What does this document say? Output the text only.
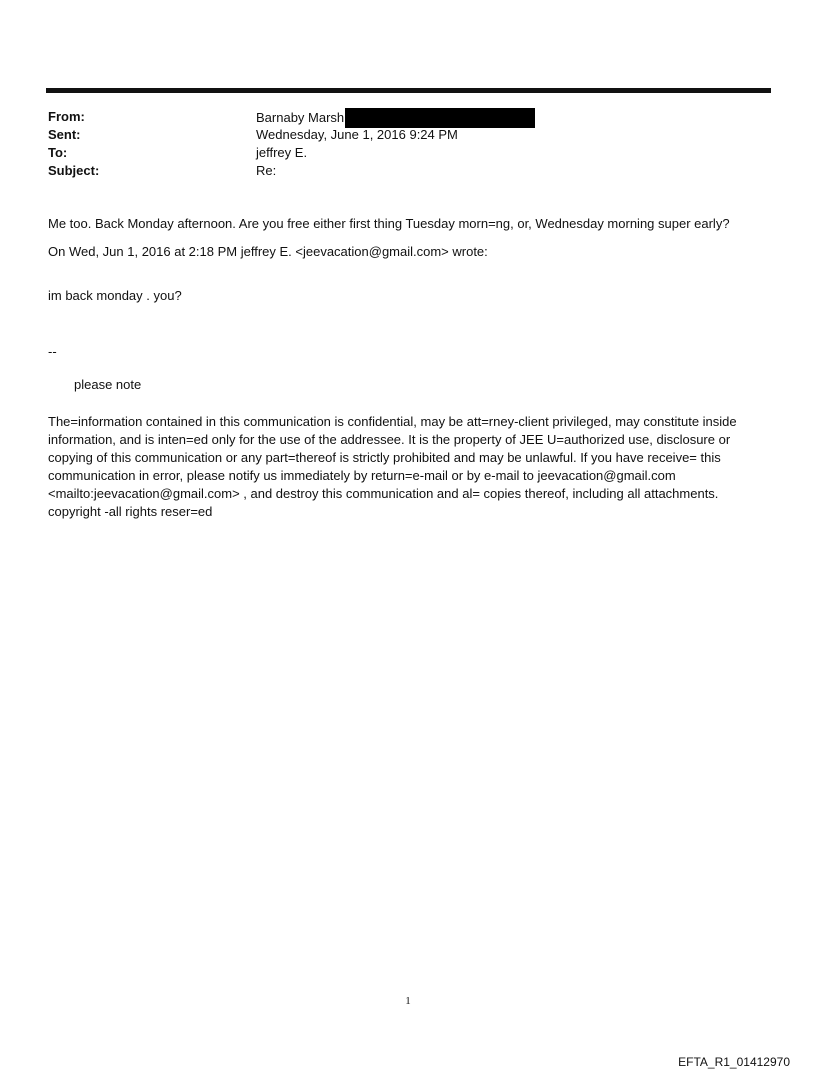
From:	Barnaby Marsh
Sent:	Wednesday, June 1, 2016 9:24 PM
To:	jeffrey E.
Subject:	Re:

Me too. Back Monday afternoon. Are you free either first thing Tuesday morn=ng, or, Wednesday morning super early?

On Wed, Jun 1, 2016 at 2:18 PM jeffrey E. <jeevacation@gmail.com> wrote:

im back monday . you?

--

please note

The=information contained in this communication is confidential, may be att=rney-client privileged, may constitute inside information, and is inten=ed only for the use of the addressee. It is the property of JEE U=authorized use, disclosure or copying of this communication or any part=thereof is strictly prohibited and may be unlawful. If you have receive= this communication in error, please notify us immediately by return=e-mail or by e-mail to jeevacation@gmail.com <mailto:jeevacation@gmail.com> , and destroy this communication and al= copies thereof, including all attachments. copyright -all rights reser=ed

1
EFTA_R1_01412970
